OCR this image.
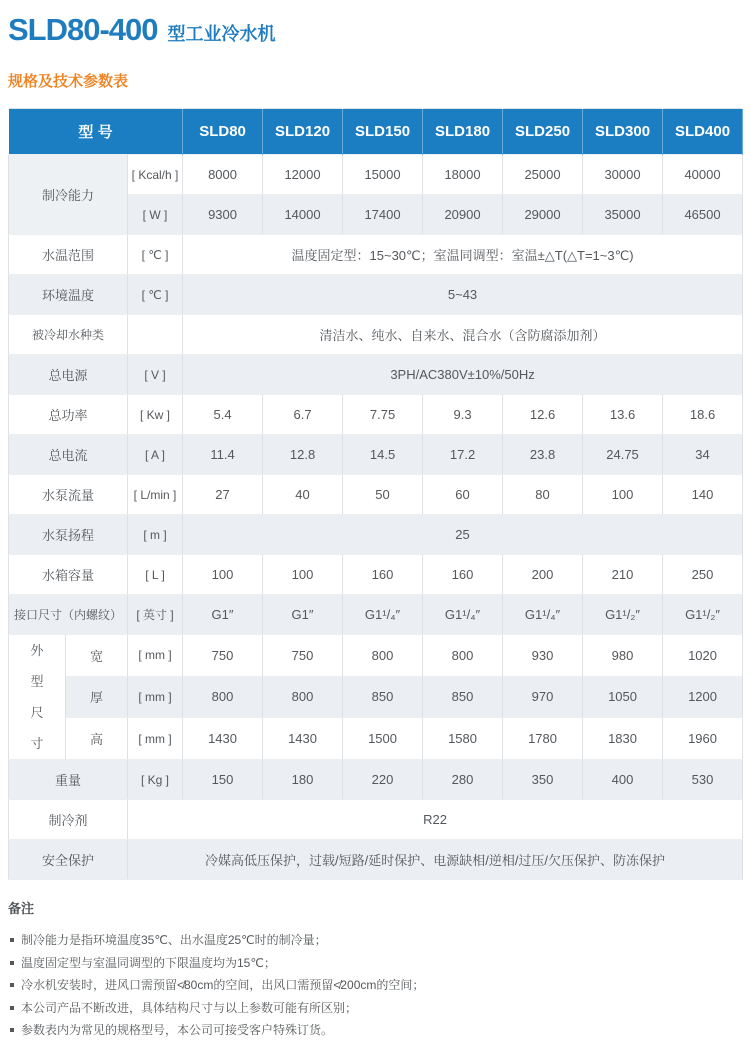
SLD80-400 型工业冷水机
规格及技术参数表
型 号			SLD80	SLD120	SLD150	SLD180	SLD250	SLD300	SLD400
制冷能力		[ Kcal/h ]	8000	12000	15000	18000	25000	30000	40000
		[ W ]	9300	14000	17400	20900	29000	35000	46500
水温范围		[ ℃ ]	温度固定型：15~30℃；室温同调型：室温±△T(△T=1~3℃)						
环境温度		[ ℃ ]	5~43						
被冷却水种类			清洁水、纯水、自来水、混合水（含防腐添加剂）						
总电源		[ V ]	3PH/AC380V±10%/50Hz						
总功率		[ Kw ]	5.4	6.7	7.75	9.3	12.6	13.6	18.6
总电流		[ A ]	11.4	12.8	14.5	17.2	23.8	24.75	34
水泵流量		[ L/min ]	27	40	50	60	80	100	140
水泵扬程		[ m ]	25						
水箱容量		[ L ]	100	100	160	160	200	210	250
接口尺寸（内螺纹）		[ 英寸 ]	G1″	G1″	G1¹/₄″	G1¹/₄″	G1¹/₄″	G1¹/₂″	G1¹/₂″

外型尺寸	宽	[ mm ]	750	750	800	800	930	980	1020
	厚	[ mm ]	800	800	850	850	970	1050	1200
	高	[ mm ]	1430	1430	1500	1580	1780	1830	1960
重量		[ Kg ]	150	180	220	280	350	400	530
制冷剂		R22							
安全保护		冷媒高低压保护，过载/短路/延时保护、电源缺相/逆相/过压/欠压保护、防冻保护							
备注
制冷能力是指环境温度35℃、出水温度25℃时的制冷量；
温度固定型与室温同调型的下限温度均为15℃；
冷水机安装时，进风口需预留≮80cm的空间，出风口需预留≮200cm的空间；
本公司产品不断改进，具体结构尺寸与以上参数可能有所区别；
参数表内为常见的规格型号，本公司可接受客户特殊订货。
